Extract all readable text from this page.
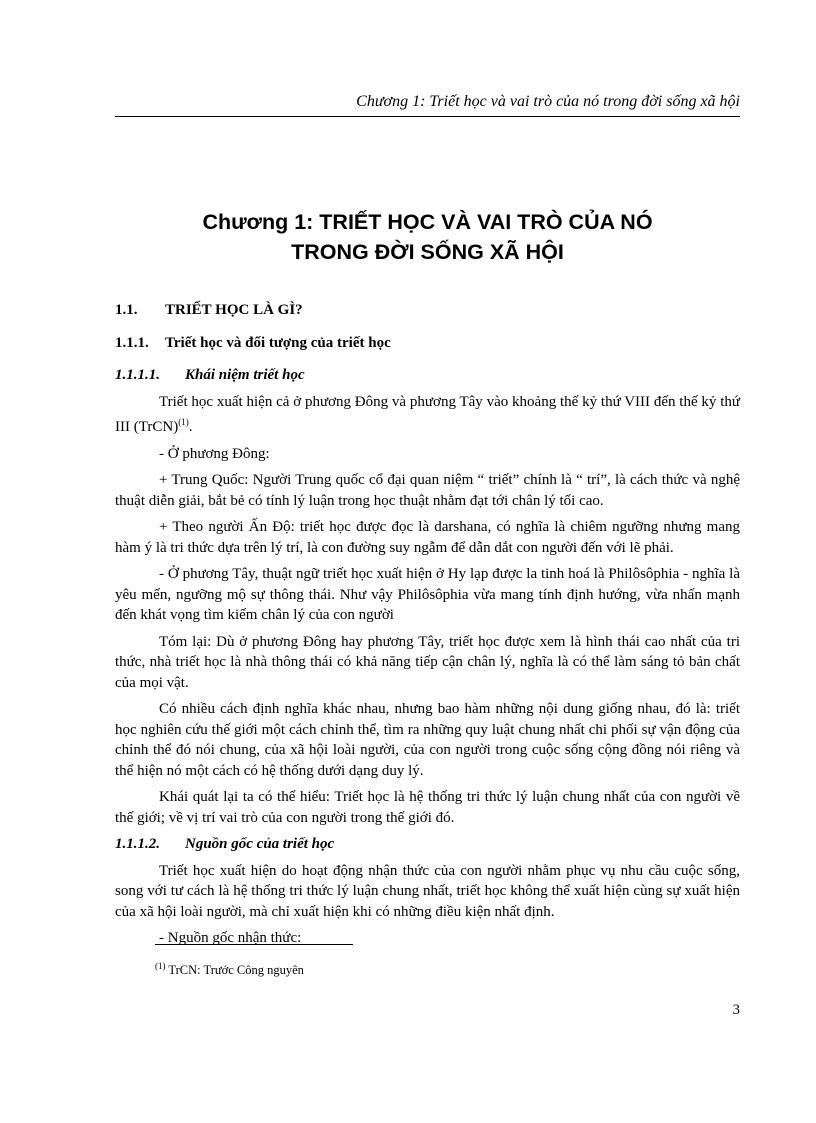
Chương 1: Triết học và vai trò của nó trong đời sống xã hội
Chương 1: TRIẾT HỌC VÀ VAI TRÒ CỦA NÓ
TRONG ĐỜI SỐNG XÃ HỘI
1.1. TRIẾT HỌC LÀ GÌ?
1.1.1. Triết học và đối tượng của triết học
1.1.1.1. Khái niệm triết học

Triết học xuất hiện cả ở phương Đông và phương Tây vào khoảng thế kỷ thứ VIII đến thế kỷ thứ III (TrCN)$^{(1)}$.

- Ở phương Đông:

+ Trung Quốc: Người Trung quốc cổ đại quan niệm “ triết” chính là “ trí”, là cách thức và nghệ thuật diễn giải, bắt bẻ có tính lý luận trong học thuật nhằm đạt tới chân lý tối cao.

+ Theo người Ấn Độ: triết học được đọc là darshana, có nghĩa là chiêm ngưỡng nhưng mang hàm ý là tri thức dựa trên lý trí, là con đường suy ngẫm để dẫn dắt con người đến với lẽ phải.

- Ở phương Tây, thuật ngữ triết học xuất hiện ở Hy lạp được la tinh hoá là Philôsôphia - nghĩa là yêu mến, ngưỡng mộ sự thông thái. Như vậy Philôsôphia vừa mang tính định hướng, vừa nhấn mạnh đến khát vọng tìm kiếm chân lý của con người

Tóm lại: Dù ở phương Đông hay phương Tây, triết học được xem là hình thái cao nhất của tri thức, nhà triết học là nhà thông thái có khả năng tiếp cận chân lý, nghĩa là có thể làm sáng tỏ bản chất của mọi vật.

Có nhiều cách định nghĩa khác nhau, nhưng bao hàm những nội dung giống nhau, đó là: triết học nghiên cứu thế giới một cách chỉnh thể, tìm ra những quy luật chung nhất chi phối sự vận động của chỉnh thể đó nói chung, của xã hội loài người, của con người trong cuộc sống cộng đồng nói riêng và thể hiện nó một cách có hệ thống dưới dạng duy lý.

Khái quát lại ta có thể hiểu: Triết học là hệ thống tri thức lý luận chung nhất của con người về thế giới; về vị trí vai trò của con người trong thế giới đó.

1.1.1.2. Nguồn gốc của triết học

Triết học xuất hiện do hoạt động nhận thức của con người nhằm phục vụ nhu cầu cuộc sống, song với tư cách là hệ thống tri thức lý luận chung nhất, triết học không thể xuất hiện cùng sự xuất hiện của xã hội loài người, mà chỉ xuất hiện khi có những điều kiện nhất định.

- Nguồn gốc nhận thức:

$^{(1)}$ TrCN: Trước Công nguyên
3
